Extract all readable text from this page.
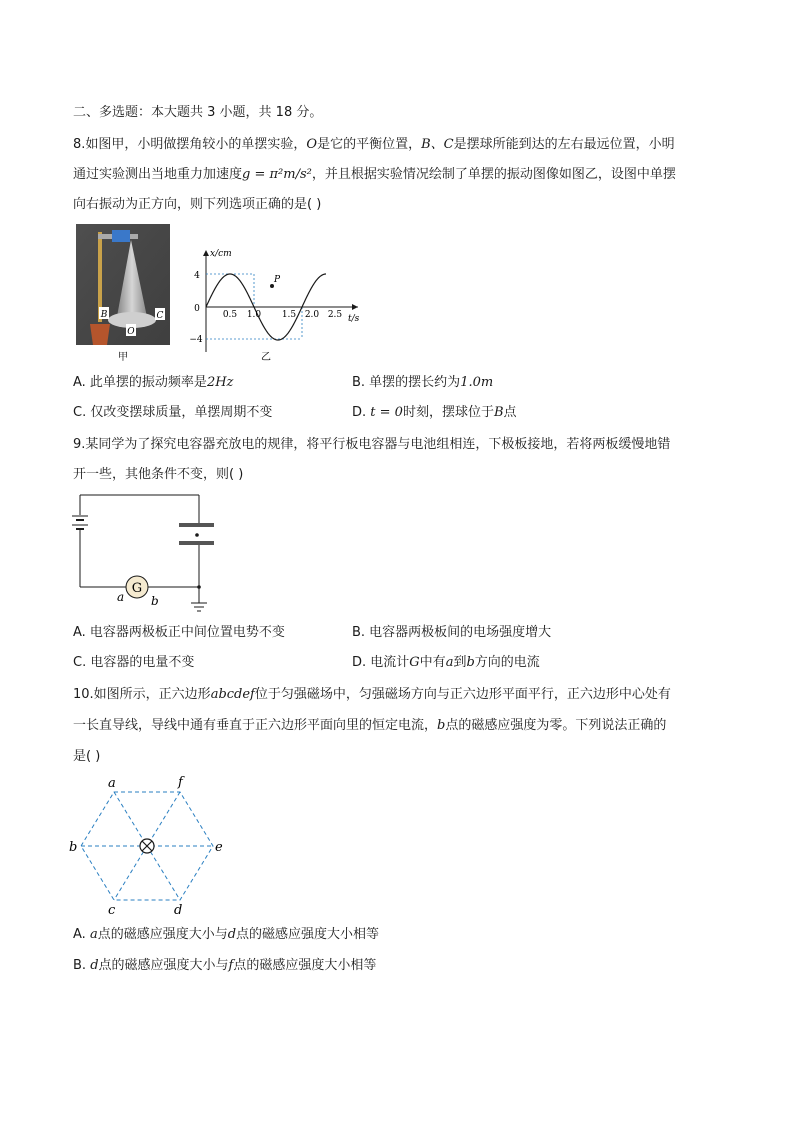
二、多选题：本大题共 3 小题，共 18 分。
8.如图甲，小明做摆角较小的单摆实验，O是它的平衡位置，B、C是摆球所能到达的左右最远位置，小明
通过实验测出当地重力加速度g = π²m/s²，并且根据实验情况绘制了单摆的振动图像如图乙，设图中单摆
向右振动为正方向，则下列选项正确的是( )
B	C
O
甲
x/cm
t/s
4
0
−4
P
0.5 1.0 1.5 2.0 2.5
乙
A. 此单摆的振动频率是2Hz	B. 单摆的摆长约为1.0m
C. 仅改变摆球质量，单摆周期不变	D. t = 0时刻，摆球位于B点
9.某同学为了探究电容器充放电的规律，将平行板电容器与电池组相连，下极板接地，若将两板缓慢地错
开一些，其他条件不变，则( )
G
a b
A. 电容器两极板正中间位置电势不变	B. 电容器两极板间的电场强度增大
C. 电容器的电量不变	D. 电流计G中有a到b方向的电流
10.如图所示，正六边形abcdef位于匀强磁场中，匀强磁场方向与正六边形平面平行，正六边形中心处有
一长直导线，导线中通有垂直于正六边形平面向里的恒定电流，b点的磁感应强度为零。下列说法正确的
是( )
a	f
b	e
c	d
A. a点的磁感应强度大小与d点的磁感应强度大小相等
B. d点的磁感应强度大小与f点的磁感应强度大小相等
